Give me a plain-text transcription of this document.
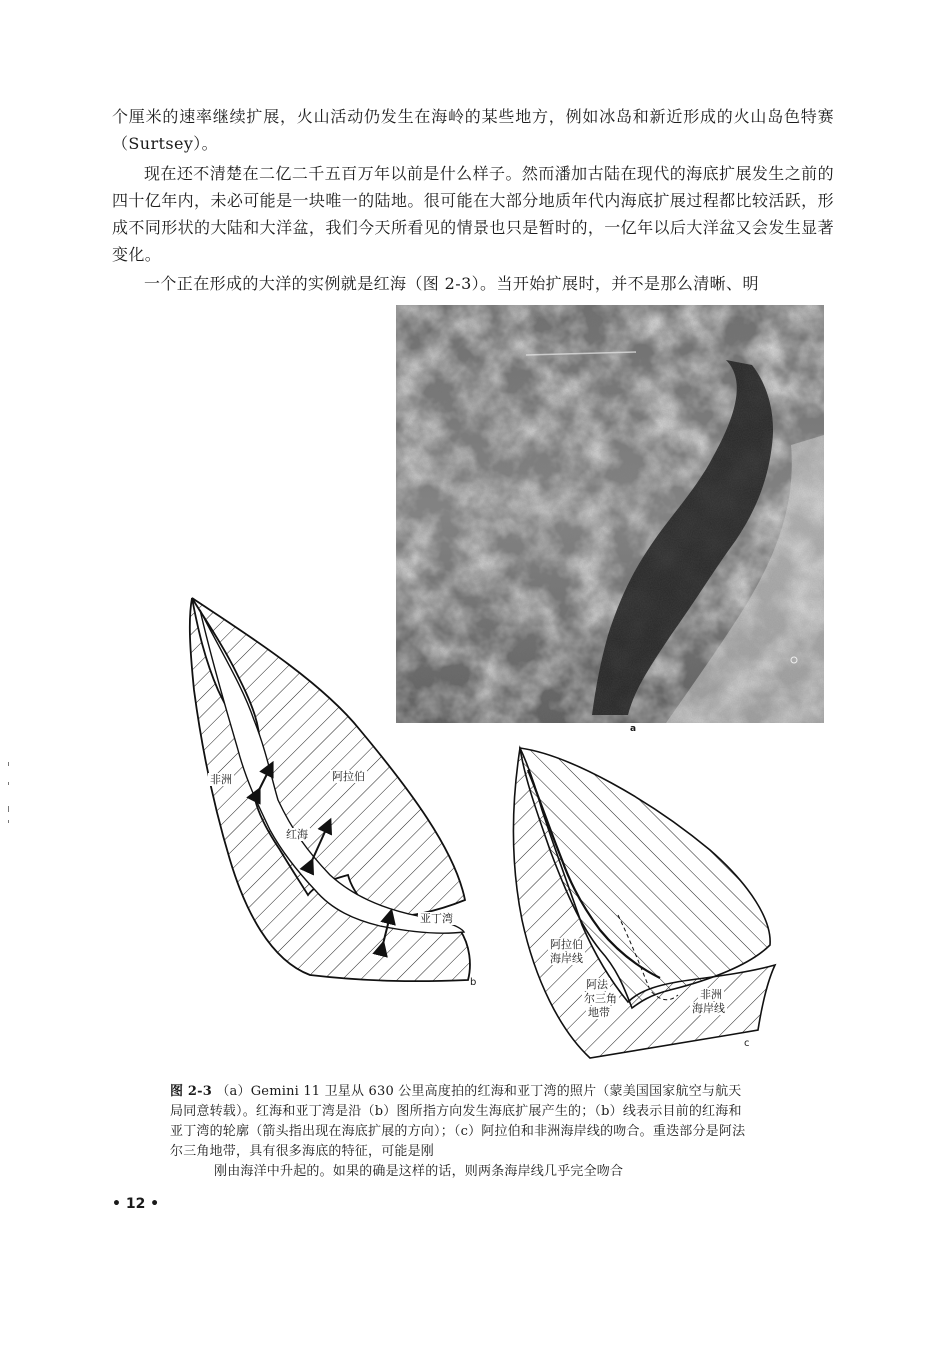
个厘米的速率继续扩展，火山活动仍发生在海岭的某些地方，例如冰岛和新近形成的火山岛色特赛（Surtsey）。

现在还不清楚在二亿二千五百万年以前是什么样子。然而潘加古陆在现代的海底扩展发生之前的四十亿年内，未必可能是一块唯一的陆地。很可能在大部分地质年代内海底扩展过程都比较活跃，形成不同形状的大陆和大洋盆，我们今天所看见的情景也只是暂时的，一亿年以后大洋盆又会发生显著变化。

一个正在形成的大洋的实例就是红海（图 2-3）。当开始扩展时，并不是那么清晰、明

a
非洲	阿拉伯
红海
亚丁湾
b
阿拉伯
海岸线
阿法
尔三角
地带
非洲
海岸线
c

图 2-3 （a）Gemini 11 卫星从 630 公里高度拍的红海和亚丁湾的照片（蒙美国国家航空与航天局同意转载）。红海和亚丁湾是沿（b）图所指方向发生海底扩展产生的；（b）线表示目前的红海和亚丁湾的轮廓（箭头指出现在海底扩展的方向）；（c）阿拉伯和非洲海岸线的吻合。重迭部分是阿法尔三角地带，具有很多海底的特征，可能是刚
刚由海洋中升起的。如果的确是这样的话，则两条海岸线几乎完全吻合

• 12 •
